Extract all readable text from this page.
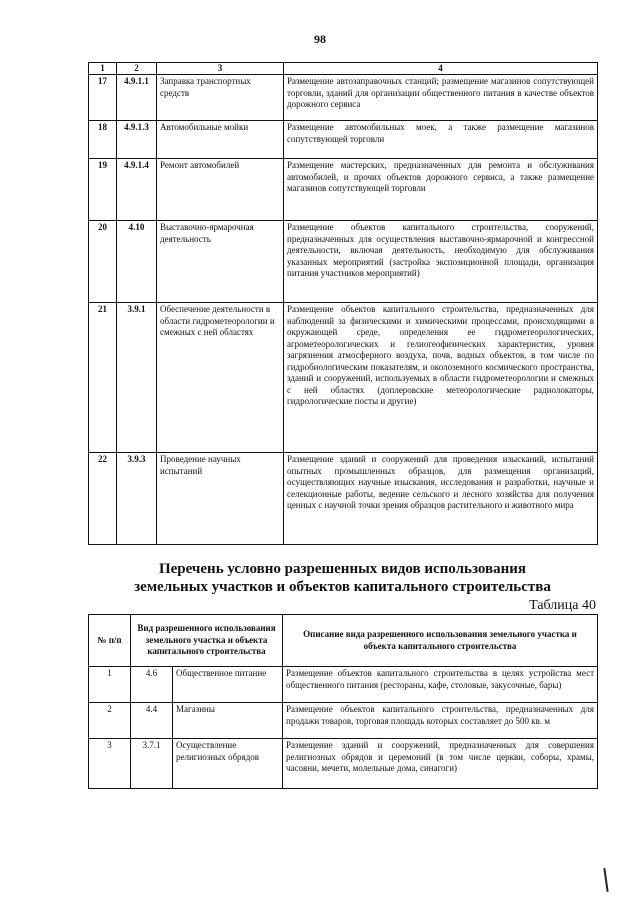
98
1	2	3	4
17	4.9.1.1	Заправка транспортных средств	Размещение автозаправочных станций; размещение магазинов сопутствующей торговли, зданий для организации общественного питания в качестве объектов дорожного сервиса
18	4.9.1.3	Автомобильные мойки	Размещение автомобильных моек, а также размещение магазинов сопутствующей торговли
19	4.9.1.4	Ремонт автомобилей	Размещение мастерских, предназначенных для ремонта и обслуживания автомобилей, и прочих объектов дорожного сервиса, а также размещение магазинов сопутствующей торговли
20	4.10	Выставочно-ярмарочная деятельность	Размещение объектов капитального строительства, сооружений, предназначенных для осуществления выставочно-ярмарочной и конгрессной деятельности, включая деятельность, необходимую для обслуживания указанных мероприятий (застройка экспозиционной площади, организация питания участников мероприятий)
21	3.9.1	Обеспечение деятельности в области гидрометеорологии и смежных с ней областях	Размещение объектов капитального строительства, предназначенных для наблюдений за физическими и химическими процессами, происходящими в окружающей среде, определения ее гидрометеорологических, агрометеорологических и гелиогеофизических характеристик, уровня загрязнения атмосферного воздуха, почв, водных объектов, в том числе по гидробиологическим показателям, и околоземного космического пространства, зданий и сооружений, используемых в области гидрометеорологии и смежных с ней областях (доплеровские метеорологические радиолокаторы, гидрологические посты и другие)
22	3.9.3	Проведение научных испытаний	Размещение зданий и сооружений для проведения изысканий, испытаний опытных промышленных образцов, для размещения организаций, осуществляющих научные изыскания, исследования и разработки, научные и селекционные работы, ведение сельского и лесного хозяйства для получения ценных с научной точки зрения образцов растительного и животного мира
Перечень условно разрешенных видов использования
земельных участков и объектов капитального строительства
Таблица 40
№ п/п	Вид разрешенного использования земельного участка и объекта капитального строительства		Описание вида разрешенного использования земельного участка и объекта капитального строительства
1	4.6	Общественное питание	Размещение объектов капитального строительства в целях устройства мест общественного питания (рестораны, кафе, столовые, закусочные, бары)
2	4.4	Магазины	Размещение объектов капитального строительства, предназначенных для продажи товаров, торговая площадь которых составляет до 500 кв. м
3	3.7.1	Осуществление религиозных обрядов	Размещение зданий и сооружений, предназначенных для совершения религиозных обрядов и церемоний (в том числе церкви, соборы, храмы, часовни, мечети, молельные дома, синагоги)
